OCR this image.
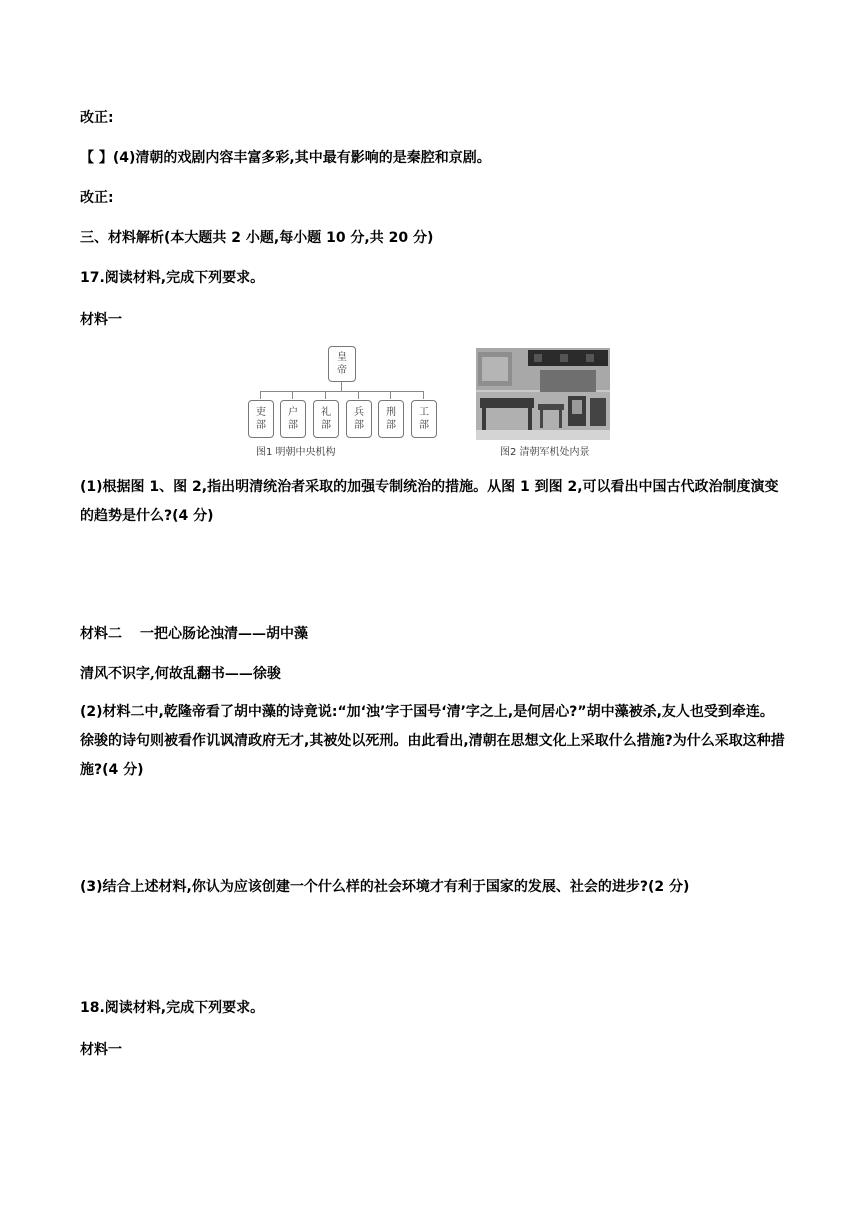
改正:
【 】(4)清朝的戏剧内容丰富多彩,其中最有影响的是秦腔和京剧。
改正:
三、材料解析(本大题共 2 小题,每小题 10 分,共 20 分)
17.阅读材料,完成下列要求。
材料一
皇
帝
吏
部
户
部
礼
部
兵
部
刑
部
工
部
图1 明朝中央机构	图2 清朝军机处内景
(1)根据图 1、图 2,指出明清统治者采取的加强专制统治的措施。从图 1 到图 2,可以看出中国古代政治制度演变的趋势是什么?(4 分)
材料二 一把心肠论浊清——胡中藻
清风不识字,何故乱翻书——徐骏
(2)材料二中,乾隆帝看了胡中藻的诗竟说:“加‘浊’字于国号‘清’字之上,是何居心?”胡中藻被杀,友人也受到牵连。徐骏的诗句则被看作讥讽清政府无才,其被处以死刑。由此看出,清朝在思想文化上采取什么措施?为什么采取这种措施?(4 分)
(3)结合上述材料,你认为应该创建一个什么样的社会环境才有利于国家的发展、社会的进步?(2 分)
18.阅读材料,完成下列要求。
材料一
